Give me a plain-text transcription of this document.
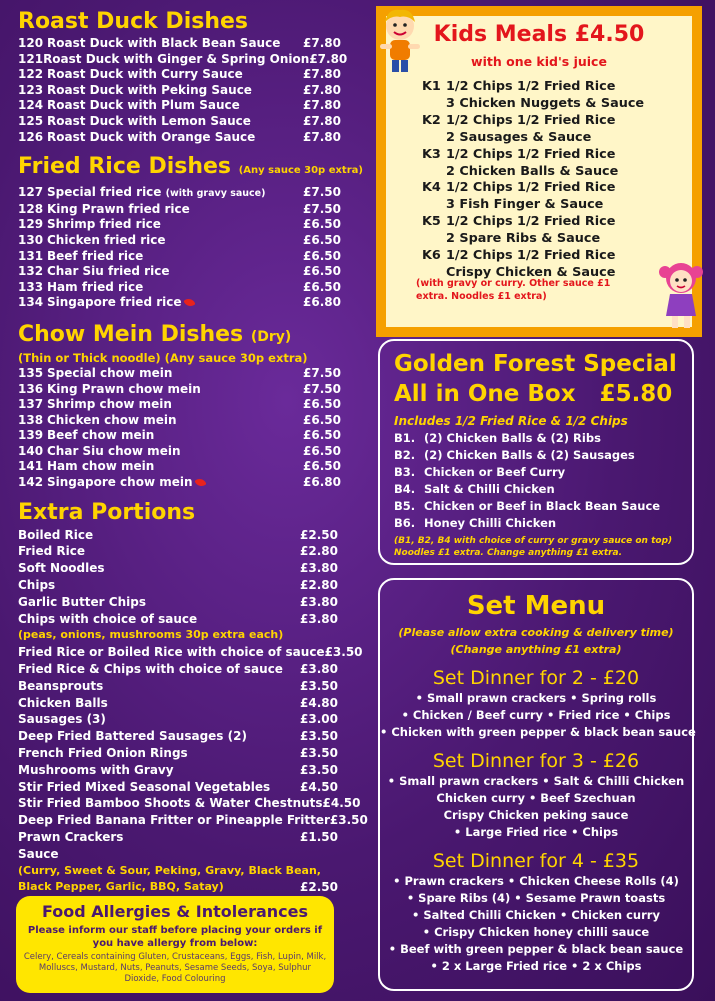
Roast Duck Dishes
120 Roast Duck with Black Bean Sauce	£7.80
121 Roast Duck with Ginger & Spring Onion £7.80
122 Roast Duck with Curry Sauce	£7.80
123 Roast Duck with Peking Sauce	£7.80
124 Roast Duck with Plum Sauce	£7.80
125 Roast Duck with Lemon Sauce	£7.80
126 Roast Duck with Orange Sauce	£7.80
Fried Rice Dishes (Any sauce 30p extra)
127 Special fried rice (with gravy sauce)	£7.50
128 King Prawn fried rice	£7.50
129 Shrimp fried rice	£6.50
130 Chicken fried rice	£6.50
131 Beef fried rice	£6.50
132 Char Siu fried rice	£6.50
133 Ham fried rice	£6.50
134 Singapore fried rice	£6.80
Chow Mein Dishes (Dry)
(Thin or Thick noodle) (Any sauce 30p extra)
135 Special chow mein	£7.50
136 King Prawn chow mein	£7.50
137 Shrimp chow mein	£6.50
138 Chicken chow mein	£6.50
139 Beef chow mein	£6.50
140 Char Siu chow mein	£6.50
141 Ham chow mein	£6.50
142 Singapore chow mein	£6.80
Extra Portions
Boiled Rice	£2.50
Fried Rice	£2.80
Soft Noodles	£3.80
Chips	£2.80
Garlic Butter Chips	£3.80
Chips with choice of sauce	£3.80
(peas, onions, mushrooms 30p extra each)
Fried Rice or Boiled Rice with choice of sauce £3.50
Fried Rice & Chips with choice of sauce	£3.80
Beansprouts	£3.50
Chicken Balls	£4.80
Sausages (3)	£3.00
Deep Fried Battered Sausages (2)	£3.50
French Fried Onion Rings	£3.50
Mushrooms with Gravy	£3.50
Stir Fried Mixed Seasonal Vegetables	£4.50
Stir Fried Bamboo Shoots & Water Chestnuts £4.50
Deep Fried Banana Fritter or Pineapple Fritter £3.50
Prawn Crackers	£1.50
Sauce
(Curry, Sweet & Sour, Peking, Gravy, Black Bean,
Black Pepper, Garlic, BBQ, Satay)	£2.50
Food Allergies & Intolerances
Please inform our staff before placing your orders if you have allergy from below:
Celery, Cereals containing Gluten, Crustaceans, Eggs, Fish, Lupin, Milk, Molluscs, Mustard, Nuts, Peanuts, Sesame Seeds, Soya, Sulphur Dioxide, Food Colouring
Kids Meals £4.50
with one kid's juice
K1 1/2 Chips 1/2 Fried Rice
3 Chicken Nuggets & Sauce
K2 1/2 Chips 1/2 Fried Rice
2 Sausages & Sauce
K3 1/2 Chips 1/2 Fried Rice
2 Chicken Balls & Sauce
K4 1/2 Chips 1/2 Fried Rice
3 Fish Finger & Sauce
K5 1/2 Chips 1/2 Fried Rice
2 Spare Ribs & Sauce
K6 1/2 Chips 1/2 Fried Rice
Crispy Chicken & Sauce
(with gravy or curry. Other sauce £1 extra. Noodles £1 extra)
Golden Forest Special
All in One Box   £5.80
Includes 1/2 Fried Rice & 1/2 Chips
B1. (2) Chicken Balls & (2) Ribs
B2. (2) Chicken Balls & (2) Sausages
B3. Chicken or Beef Curry
B4. Salt & Chilli Chicken
B5. Chicken or Beef in Black Bean Sauce
B6. Honey Chilli Chicken
(B1, B2, B4 with choice of curry or gravy sauce on top)
Noodles £1 extra. Change anything £1 extra.
Set Menu
(Please allow extra cooking & delivery time)
(Change anything £1 extra)
Set Dinner for 2 - £20
• Small prawn crackers • Spring rolls
• Chicken / Beef curry • Fried rice • Chips
• Chicken with green pepper & black bean sauce
Set Dinner for 3 - £26
• Small prawn crackers • Salt & Chilli Chicken
Chicken curry • Beef Szechuan
Crispy Chicken peking sauce
• Large Fried rice • Chips
Set Dinner for 4 - £35
• Prawn crackers • Chicken Cheese Rolls (4)
• Spare Ribs (4) • Sesame Prawn toasts
• Salted Chilli Chicken • Chicken curry
• Crispy Chicken honey chilli sauce
• Beef with green pepper & black bean sauce
• 2 x Large Fried rice • 2 x Chips
